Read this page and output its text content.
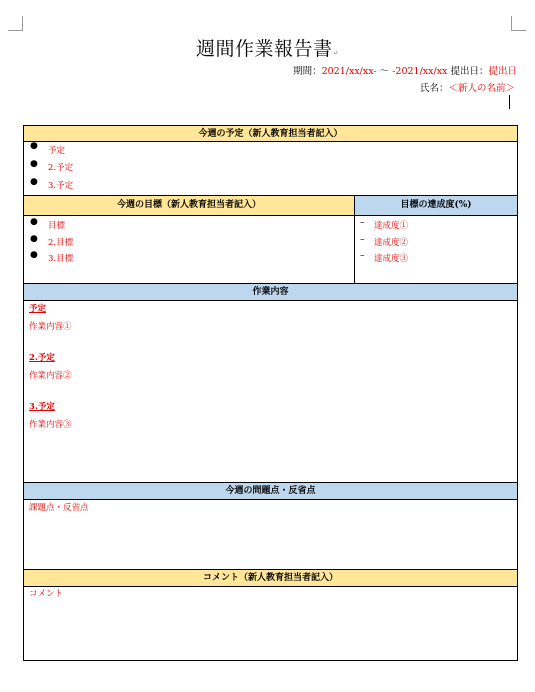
週間作業報告書↵
期間：2021/xx/xx- ～ -2021/xx/xx 提出日：提出日
氏名：＜新人の名前＞
今週の予定（新人教育担当者記入）
● 予定
● 2.予定
● 3.予定
今週の目標（新人教育担当者記入）	目標の達成度(%)
● 目標
● 2.目標
● 3.目標
– 達成度①
– 達成度②
– 達成度③
作業内容
予定
作業内容①
2.予定
作業内容②
3.予定
作業内容③
今週の問題点・反省点
課題点・反省点
コメント（新人教育担当者記入）
コメント
